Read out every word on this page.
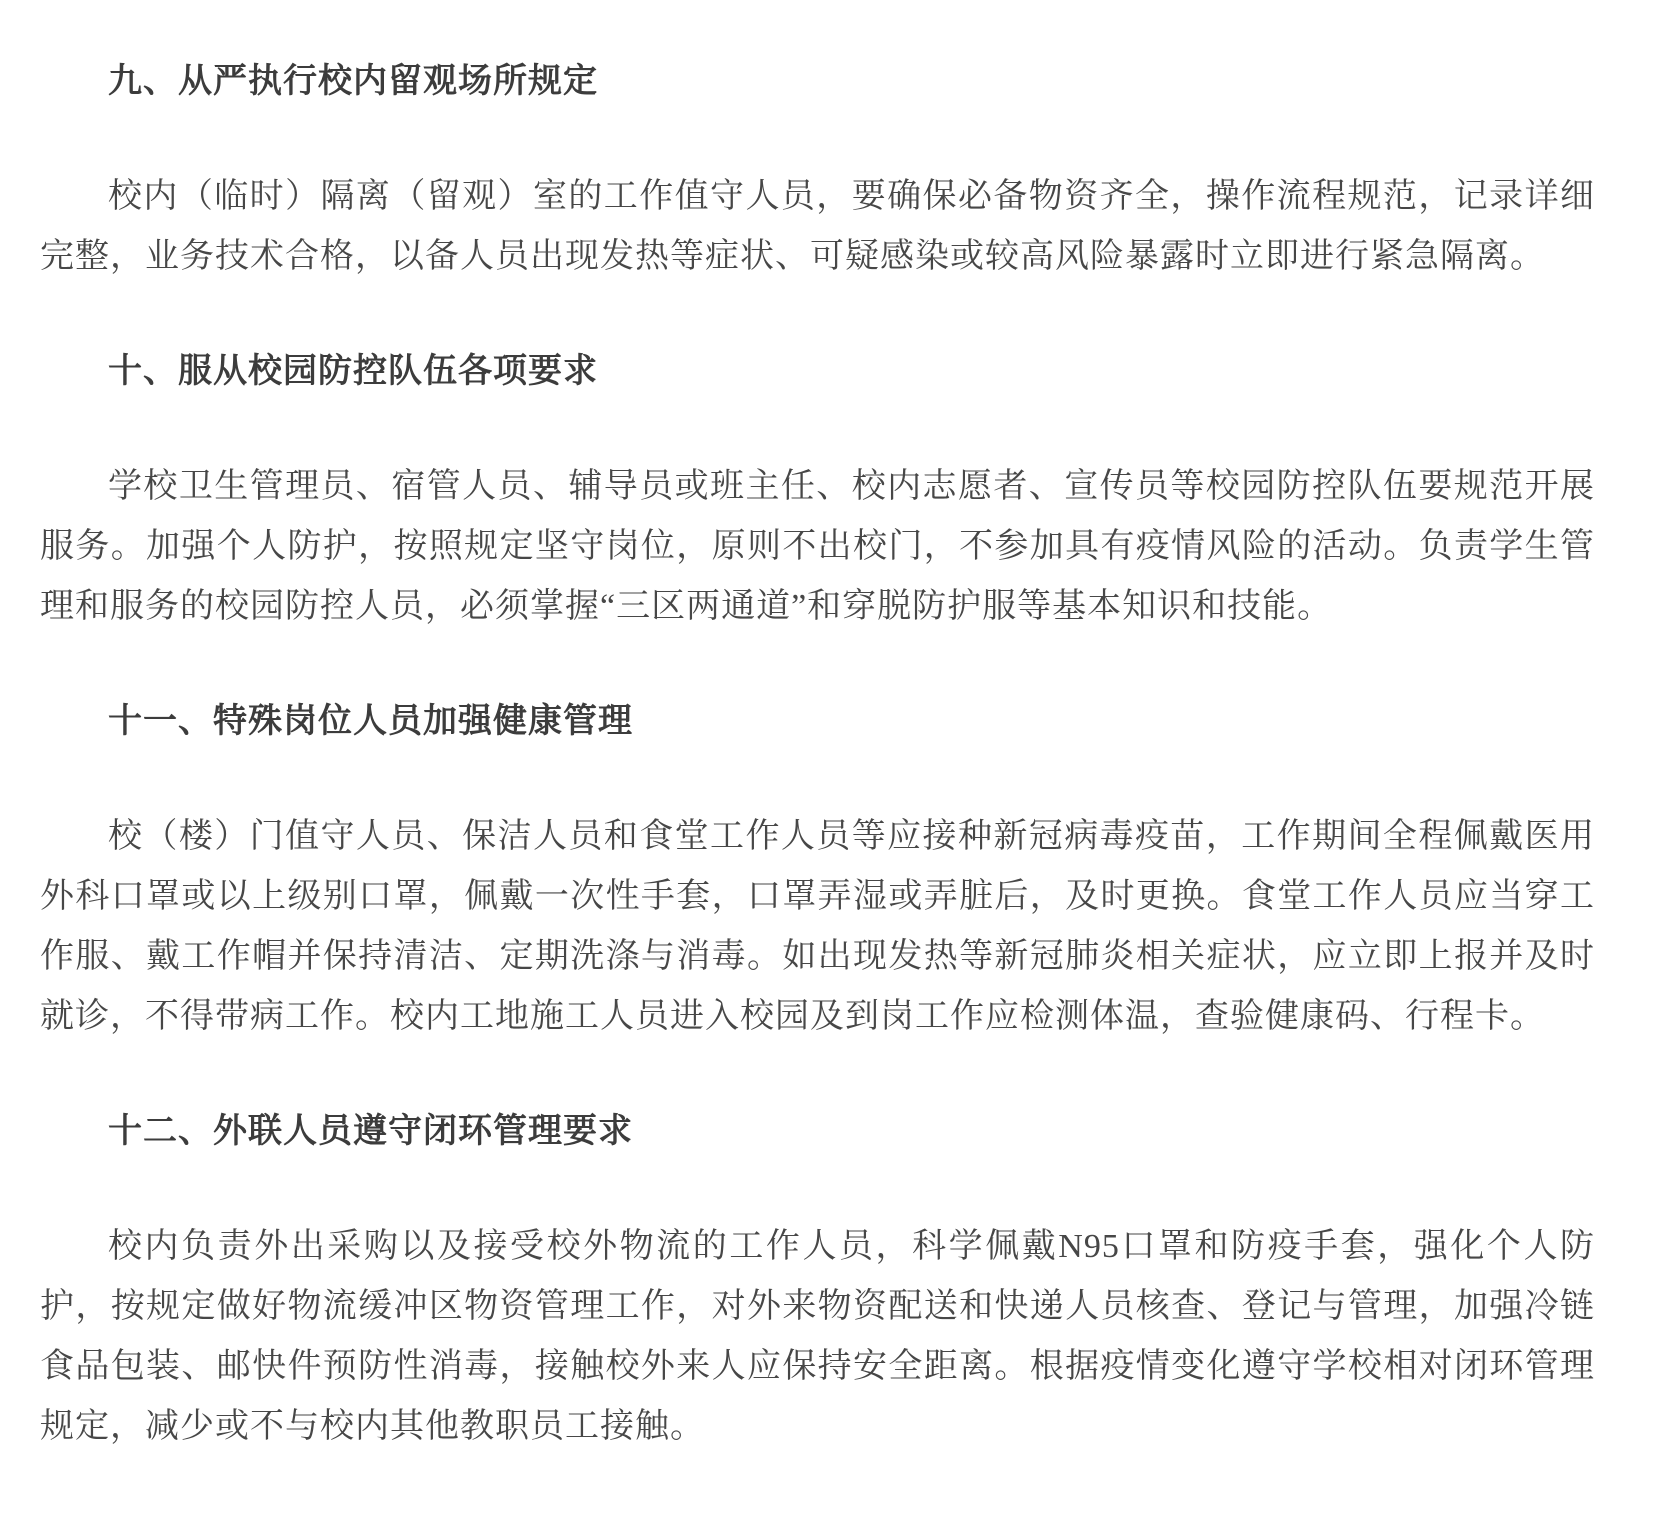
九、从严执行校内留观场所规定

校内（临时）隔离（留观）室的工作值守人员，要确保必备物资齐全，操作流程规范，记录详细完整，业务技术合格，以备人员出现发热等症状、可疑感染或较高风险暴露时立即进行紧急隔离。

十、服从校园防控队伍各项要求

学校卫生管理员、宿管人员、辅导员或班主任、校内志愿者、宣传员等校园防控队伍要规范开展服务。加强个人防护，按照规定坚守岗位，原则不出校门，不参加具有疫情风险的活动。负责学生管理和服务的校园防控人员，必须掌握“三区两通道”和穿脱防护服等基本知识和技能。

十一、特殊岗位人员加强健康管理

校（楼）门值守人员、保洁人员和食堂工作人员等应接种新冠病毒疫苗，工作期间全程佩戴医用外科口罩或以上级别口罩，佩戴一次性手套，口罩弄湿或弄脏后，及时更换。食堂工作人员应当穿工作服、戴工作帽并保持清洁、定期洗涤与消毒。如出现发热等新冠肺炎相关症状，应立即上报并及时就诊，不得带病工作。校内工地施工人员进入校园及到岗工作应检测体温，查验健康码、行程卡。

十二、外联人员遵守闭环管理要求

校内负责外出采购以及接受校外物流的工作人员，科学佩戴N95口罩和防疫手套，强化个人防护，按规定做好物流缓冲区物资管理工作，对外来物资配送和快递人员核查、登记与管理，加强冷链食品包装、邮快件预防性消毒，接触校外来人应保持安全距离。根据疫情变化遵守学校相对闭环管理规定，减少或不与校内其他教职员工接触。
